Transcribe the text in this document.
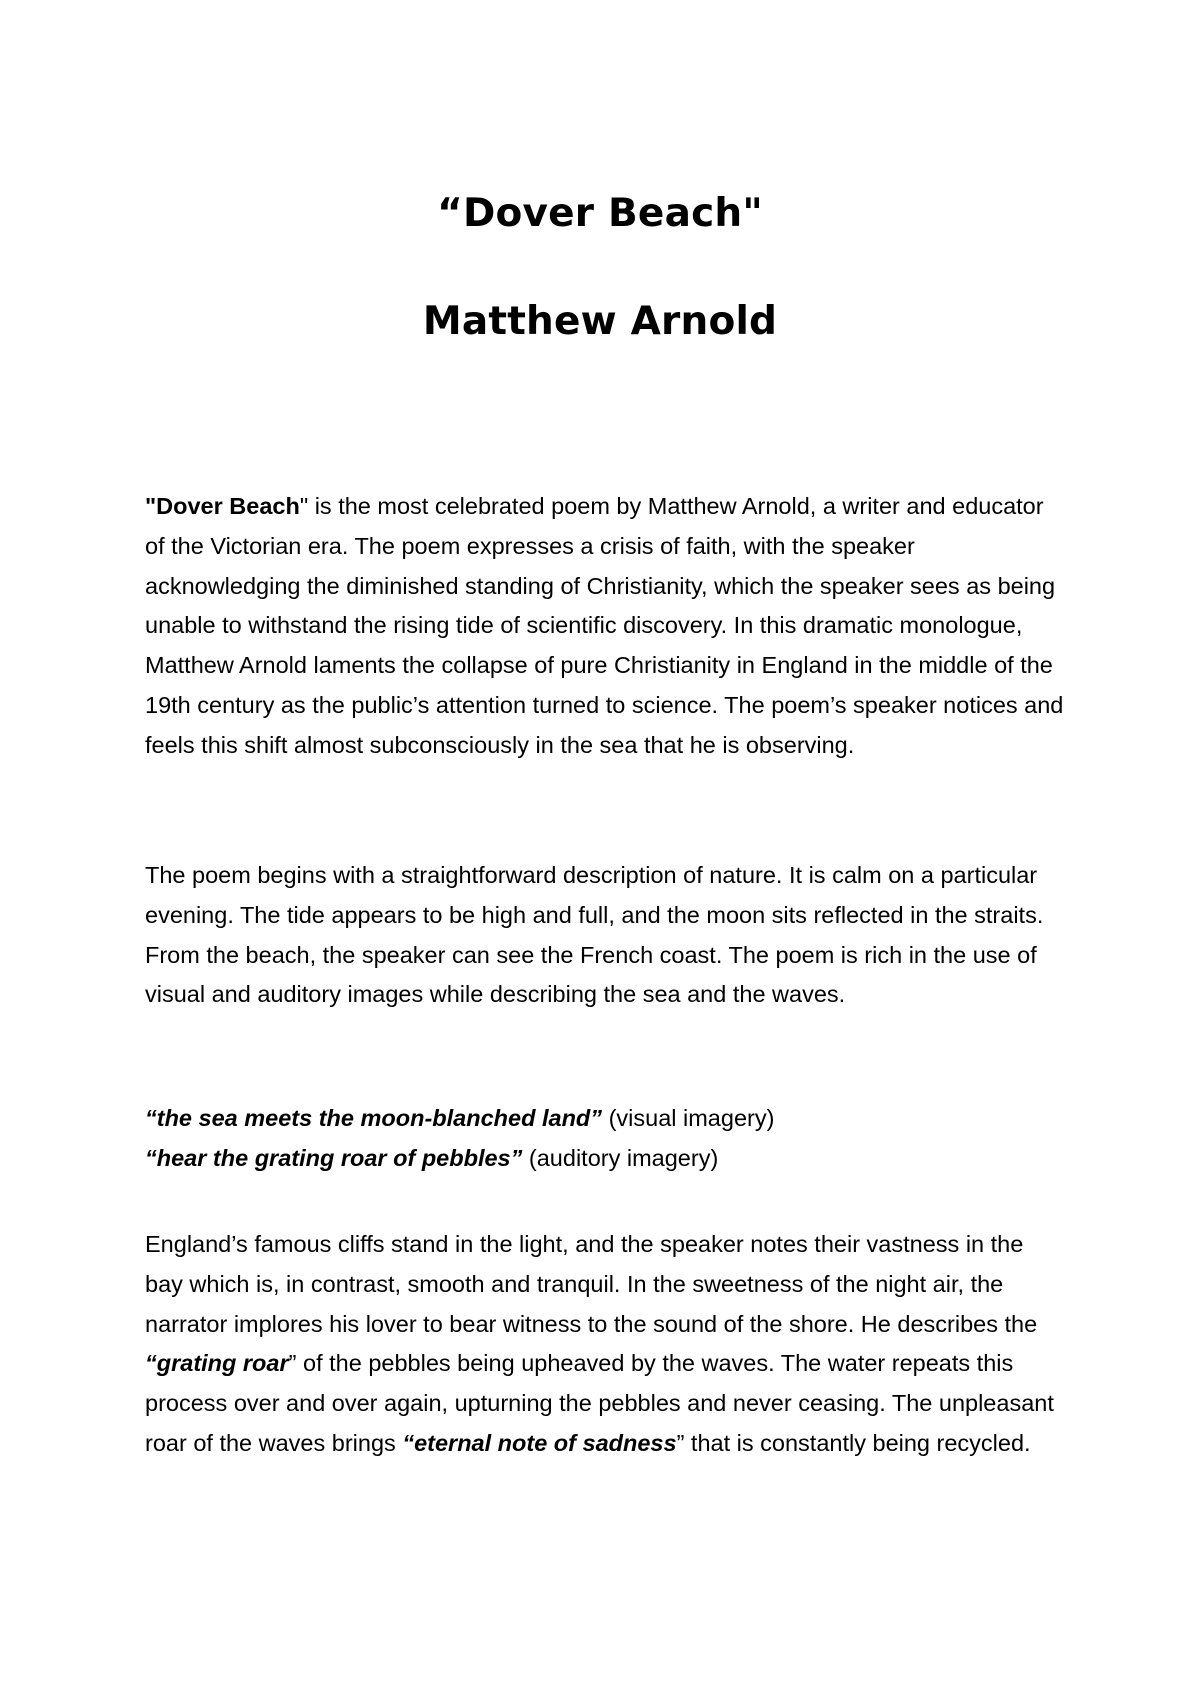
“Dover Beach"
Matthew Arnold

"Dover Beach" is the most celebrated poem by Matthew Arnold, a writer and educator of the Victorian era. The poem expresses a crisis of faith, with the speaker acknowledging the diminished standing of Christianity, which the speaker sees as being unable to withstand the rising tide of scientific discovery. In this dramatic monologue, Matthew Arnold laments the collapse of pure Christianity in England in the middle of the 19th century as the public’s attention turned to science. The poem’s speaker notices and feels this shift almost subconsciously in the sea that he is observing.

The poem begins with a straightforward description of nature. It is calm on a particular evening. The tide appears to be high and full, and the moon sits reflected in the straits. From the beach, the speaker can see the French coast. The poem is rich in the use of visual and auditory images while describing the sea and the waves.

“the sea meets the moon-blanched land” (visual imagery)
“hear the grating roar of pebbles” (auditory imagery)

England’s famous cliffs stand in the light, and the speaker notes their vastness in the bay which is, in contrast, smooth and tranquil. In the sweetness of the night air, the narrator implores his lover to bear witness to the sound of the shore. He describes the “grating roar” of the pebbles being upheaved by the waves. The water repeats this process over and over again, upturning the pebbles and never ceasing. The unpleasant roar of the waves brings “eternal note of sadness” that is constantly being recycled.
